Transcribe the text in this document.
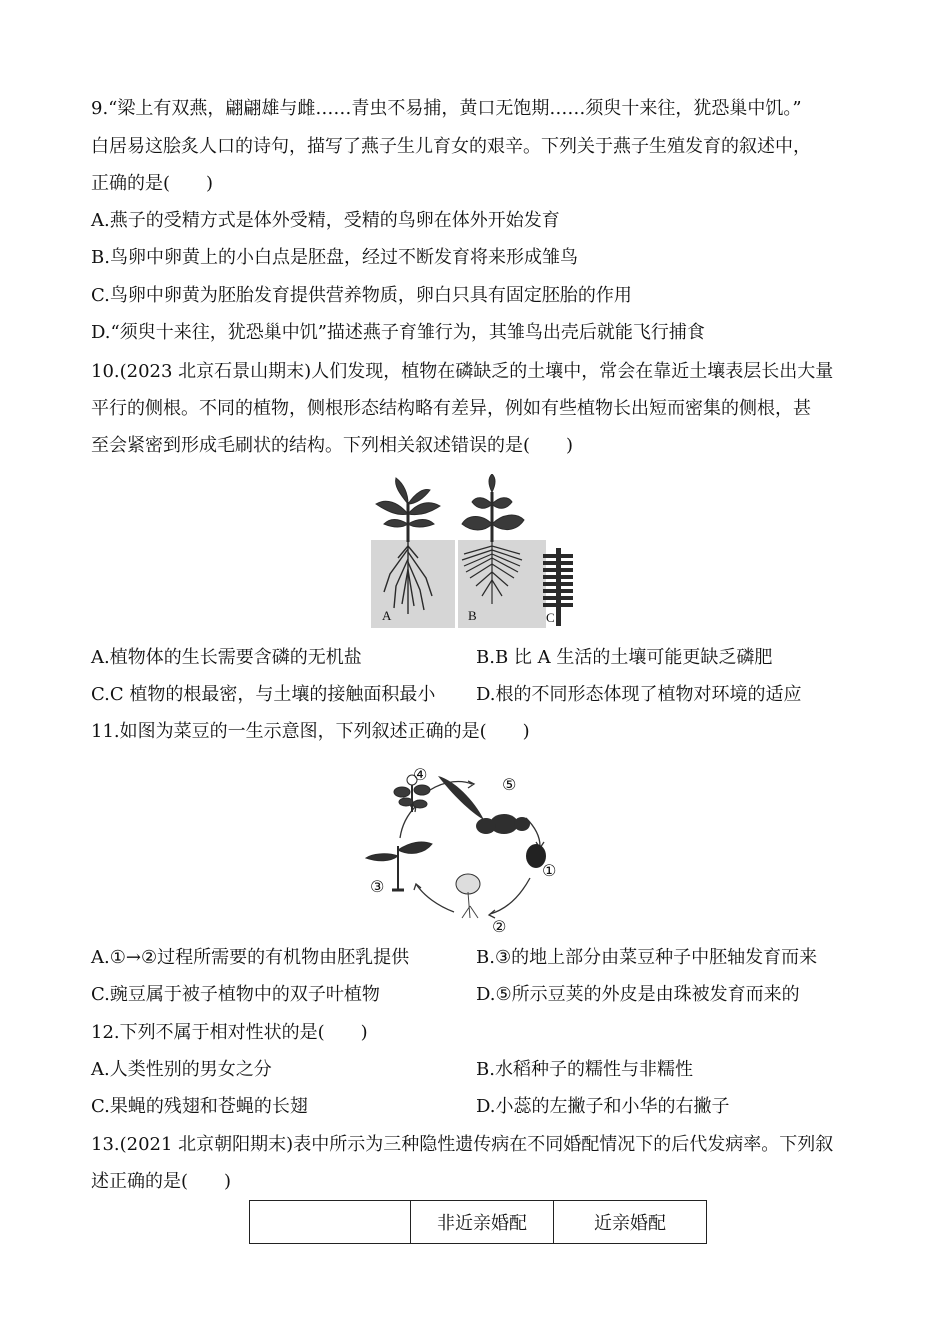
9.“梁上有双燕，翩翩雄与雌……青虫不易捕，黄口无饱期……须臾十来往，犹恐巢中饥。”
白居易这脍炙人口的诗句，描写了燕子生儿育女的艰辛。下列关于燕子生殖发育的叙述中，
正确的是(　　)
A.燕子的受精方式是体外受精，受精的鸟卵在体外开始发育
B.鸟卵中卵黄上的小白点是胚盘，经过不断发育将来形成雏鸟
C.鸟卵中卵黄为胚胎发育提供营养物质，卵白只具有固定胚胎的作用
D.“须臾十来往，犹恐巢中饥”描述燕子育雏行为，其雏鸟出壳后就能飞行捕食
10.(2023 北京石景山期末)人们发现，植物在磷缺乏的土壤中，常会在靠近土壤表层长出大量
平行的侧根。不同的植物，侧根形态结构略有差异，例如有些植物长出短而密集的侧根，甚
至会紧密到形成毛刷状的结构。下列相关叙述错误的是(　　)
A	B	C
A.植物体的生长需要含磷的无机盐	B.B 比 A 生活的土壤可能更缺乏磷肥
C.C 植物的根最密，与土壤的接触面积最小 D.根的不同形态体现了植物对环境的适应
11.如图为菜豆的一生示意图，下列叙述正确的是(　　)
④
⑤
①
②
③
A.①→②过程所需要的有机物由胚乳提供	B.③的地上部分由菜豆种子中胚轴发育而来
C.豌豆属于被子植物中的双子叶植物	D.⑤所示豆荚的外皮是由珠被发育而来的
12.下列不属于相对性状的是(　　)
A.人类性别的男女之分	B.水稻种子的糯性与非糯性
C.果蝇的残翅和苍蝇的长翅	D.小蕊的左撇子和小华的右撇子
13.(2021 北京朝阳期末)表中所示为三种隐性遗传病在不同婚配情况下的后代发病率。下列叙
述正确的是(　　)
	非近亲婚配	近亲婚配
